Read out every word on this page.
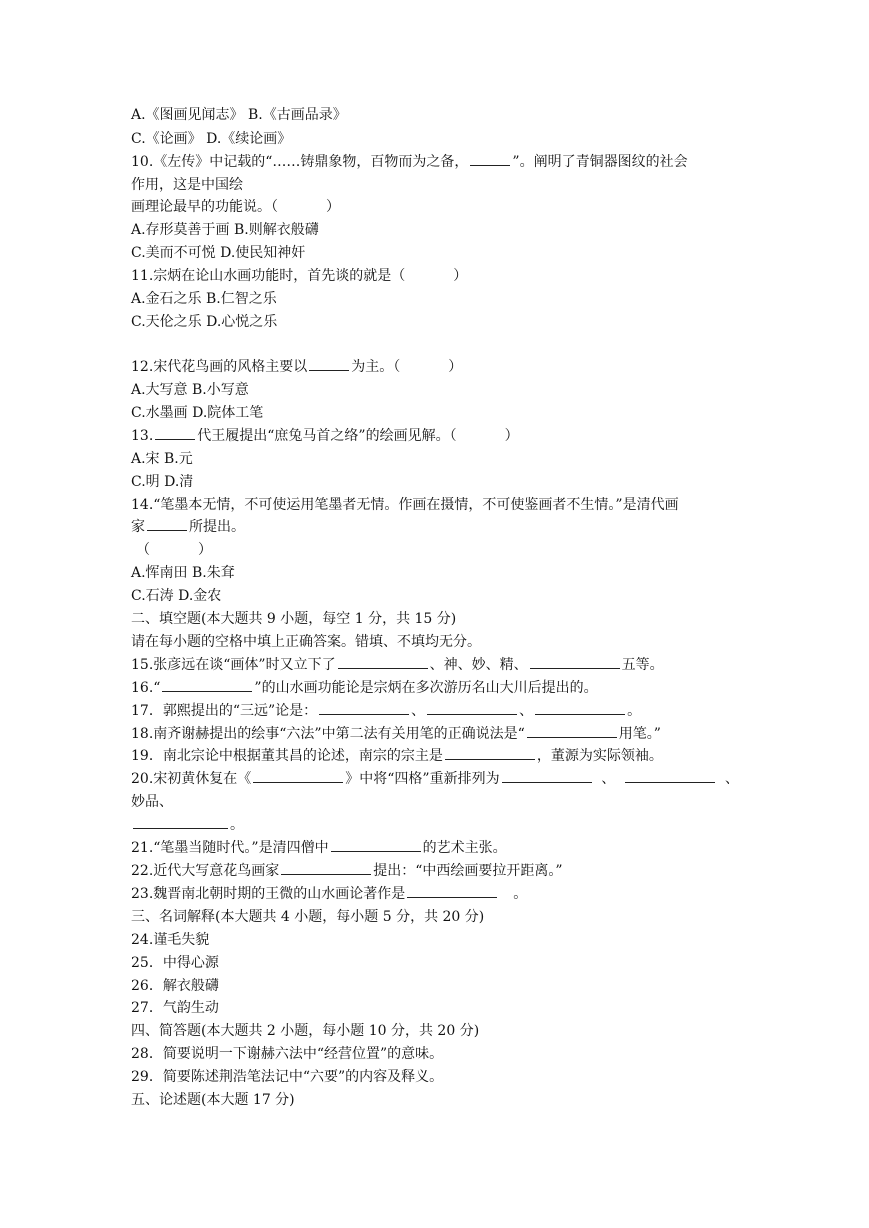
A.《图画见闻志》 B.《古画品录》
C.《论画》 D.《续论画》
10.《左传》中记载的“……铸鼎象物，百物而为之备，	”。阐明了青铜器图纹的社会
作用，这是中国绘
画理论最早的功能说。（	）
A.存形莫善于画 B.则解衣般礴
C.美而不可悦 D.使民知神奸
11.宗炳在论山水画功能时，首先谈的就是（	）
A.金石之乐 B.仁智之乐
C.天伦之乐 D.心悦之乐
12.宋代花鸟画的风格主要以	为主。（	）
A.大写意 B.小写意
C.水墨画 D.院体工笔
13.	代王履提出“庶兔马首之络”的绘画见解。（	）
A.宋 B.元
C.明 D.清
14.“笔墨本无情，不可使运用笔墨者无情。作画在摄情，不可使鉴画者不生情。”是清代画
家	所提出。
（	）
A.恽南田 B.朱耷
C.石涛 D.金农
二、填空题(本大题共 9 小题，每空 1 分，共 15 分)
请在每小题的空格中填上正确答案。错填、不填均无分。
15.张彦远在谈“画体”时又立下了	、神、妙、精、	五等。
16.“	”的山水画功能论是宗炳在多次游历名山大川后提出的。
17．郭熙提出的“三远”论是：	、	、	。
18.南齐谢赫提出的绘事“六法”中第二法有关用笔的正确说法是“	用笔。”
19．南北宗论中根据董其昌的论述，南宗的宗主是	，董源为实际领袖。
20.宋初黄休复在《	》中将“四格”重新排列为	、	、
妙品、
。
21.“笔墨当随时代。”是清四僧中	的艺术主张。
22.近代大写意花鸟画家	提出：“中西绘画要拉开距离。”
23.魏晋南北朝时期的王微的山水画论著作是	。
三、名词解释(本大题共 4 小题，每小题 5 分，共 20 分)
24.谨毛失貌
25．中得心源
26．解衣般礴
27．气韵生动
四、简答题(本大题共 2 小题，每小题 10 分，共 20 分)
28．简要说明一下谢赫六法中“经营位置”的意味。
29．简要陈述荆浩笔法记中“六要”的内容及释义。
五、论述题(本大题 17 分)
